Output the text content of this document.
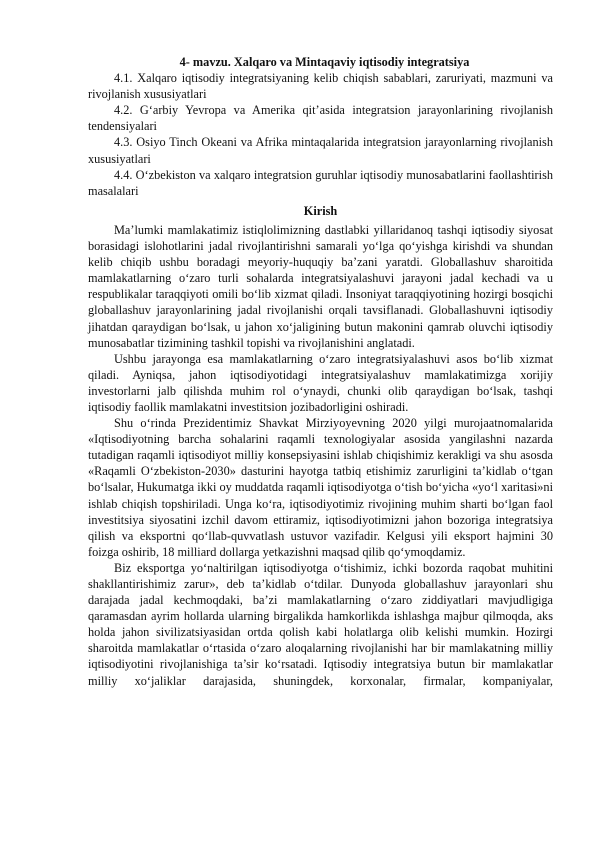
4- mavzu. Xalqaro va Mintaqaviy iqtisodiy integratsiya

4.1. Xalqaro iqtisodiy integratsiyaning kelib chiqish sabablari, zaruriyati, mazmuni va rivojlanish xususiyatlari

4.2. G‘arbiy Yevropa va Amerika qit’asida integratsion jarayonlarining rivojlanish tendensiyalari

4.3. Osiyo Tinch Okeani va Afrika mintaqalarida integratsion jarayonlarning rivojlanish xususiyatlari

4.4. O‘zbekiston va xalqaro integratsion guruhlar iqtisodiy munosabatlarini faollashtirish masalalari

Kirish

Ma’lumki mamlakatimiz istiqlolimizning dastlabki yillaridanoq tashqi iqtisodiy siyosat borasidagi islohotlarini jadal rivojlantirishni samarali yo‘lga qo‘yishga kirishdi va shundan kelib chiqib ushbu boradagi meyoriy-huquqiy ba’zani yaratdi. Globallashuv sharoitida mamlakatlarning o‘zaro turli sohalarda integratsiyalashuvi jarayoni jadal kechadi va u respublikalar taraqqiyoti omili bo‘lib xizmat qiladi. Insoniyat taraqqiyotining hozirgi bosqichi globallashuv jarayonlarining jadal rivojlanishi orqali tavsiflanadi. Globallashuvni iqtisodiy jihatdan qaraydigan bo‘lsak, u jahon xo‘jaligining butun makonini qamrab oluvchi iqtisodiy munosabatlar tizimining tashkil topishi va rivojlanishini anglatadi.

Ushbu jarayonga esa mamlakatlarning o‘zaro integratsiyalashuvi asos bo‘lib xizmat qiladi. Ayniqsa, jahon iqtisodiyotidagi integratsiyalashuv mamlakatimizga xorijiy investorlarni jalb qilishda muhim rol o‘ynaydi, chunki olib qaraydigan bo‘lsak, tashqi iqtisodiy faollik mamlakatni investitsion jozibadorligini oshiradi.

Shu o‘rinda Prezidentimiz Shavkat Mirziyoyevning 2020 yilgi murojaatnomalarida «Iqtisodiyotning barcha sohalarini raqamli texnologiyalar asosida yangilashni nazarda tutadigan raqamli iqtisodiyot milliy konsepsiyasini ishlab chiqishimiz kerakligi va shu asosda «Raqamli O‘zbekiston-2030» dasturini hayotga tatbiq etishimiz zarurligini ta’kidlab o‘tgan bo‘lsalar, Hukumatga ikki oy muddatda raqamli iqtisodiyotga o‘tish bo‘yicha «yo‘l xaritasi»ni ishlab chiqish topshiriladi. Unga ko‘ra, iqtisodiyotimiz rivojining muhim sharti bo‘lgan faol investitsiya siyosatini izchil davom ettiramiz, iqtisodiyotimizni jahon bozoriga integratsiya qilish va eksportni qo‘llab-quvvatlash ustuvor vazifadir. Kelgusi yili eksport hajmini 30 foizga oshirib, 18 milliard dollarga yetkazishni maqsad qilib qo‘ymoqdamiz.

Biz eksportga yo‘naltirilgan iqtisodiyotga o‘tishimiz, ichki bozorda raqobat muhitini shakllantirishimiz zarur», deb ta’kidlab o‘tdilar. Dunyoda globallashuv jarayonlari shu darajada jadal kechmoqdaki, ba’zi mamlakatlarning o‘zaro ziddiyatlari mavjudligiga qaramasdan ayrim hollarda ularning birgalikda hamkorlikda ishlashga majbur qilmoqda, aks holda jahon sivilizatsiyasidan ortda qolish kabi holatlarga olib kelishi mumkin. Hozirgi sharoitda mamlakatlar o‘rtasida o‘zaro aloqalarning rivojlanishi har bir mamlakatning milliy iqtisodiyotini rivojlanishiga ta’sir ko‘rsatadi. Iqtisodiy integratsiya butun bir mamlakatlar milliy xo‘jaliklar darajasida, shuningdek, korxonalar, firmalar, kompaniyalar,
